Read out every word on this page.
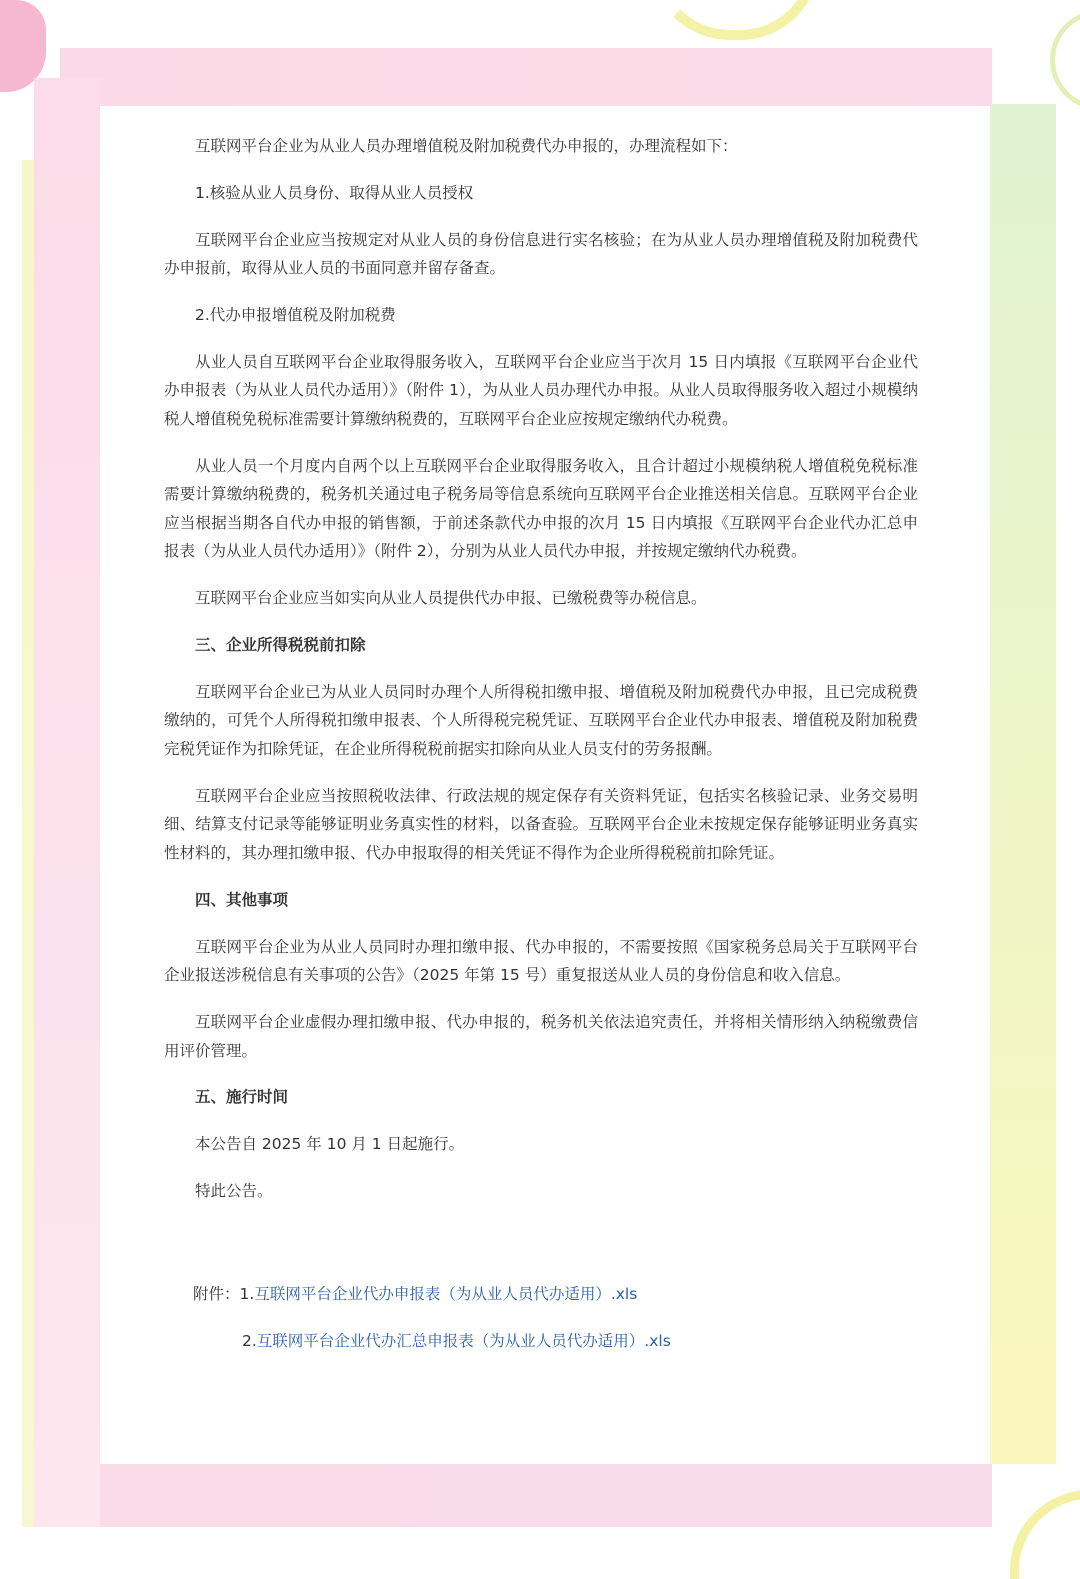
互联网平台企业为从业人员办理增值税及附加税费代办申报的，办理流程如下：

1.核验从业人员身份、取得从业人员授权

互联网平台企业应当按规定对从业人员的身份信息进行实名核验；在为从业人员办理增值税及附加税费代办申报前，取得从业人员的书面同意并留存备查。

2.代办申报增值税及附加税费

从业人员自互联网平台企业取得服务收入，互联网平台企业应当于次月 15 日内填报《互联网平台企业代办申报表（为从业人员代办适用）》（附件 1），为从业人员办理代办申报。从业人员取得服务收入超过小规模纳税人增值税免税标准需要计算缴纳税费的，互联网平台企业应按规定缴纳代办税费。

从业人员一个月度内自两个以上互联网平台企业取得服务收入，且合计超过小规模纳税人增值税免税标准需要计算缴纳税费的，税务机关通过电子税务局等信息系统向互联网平台企业推送相关信息。互联网平台企业应当根据当期各自代办申报的销售额，于前述条款代办申报的次月 15 日内填报《互联网平台企业代办汇总申报表（为从业人员代办适用）》（附件 2），分别为从业人员代办申报，并按规定缴纳代办税费。

互联网平台企业应当如实向从业人员提供代办申报、已缴税费等办税信息。

三、企业所得税税前扣除

互联网平台企业已为从业人员同时办理个人所得税扣缴申报、增值税及附加税费代办申报，且已完成税费缴纳的，可凭个人所得税扣缴申报表、个人所得税完税凭证、互联网平台企业代办申报表、增值税及附加税费完税凭证作为扣除凭证，在企业所得税税前据实扣除向从业人员支付的劳务报酬。

互联网平台企业应当按照税收法律、行政法规的规定保存有关资料凭证，包括实名核验记录、业务交易明细、结算支付记录等能够证明业务真实性的材料，以备查验。互联网平台企业未按规定保存能够证明业务真实性材料的，其办理扣缴申报、代办申报取得的相关凭证不得作为企业所得税税前扣除凭证。

四、其他事项

互联网平台企业为从业人员同时办理扣缴申报、代办申报的，不需要按照《国家税务总局关于互联网平台企业报送涉税信息有关事项的公告》（2025 年第 15 号）重复报送从业人员的身份信息和收入信息。

互联网平台企业虚假办理扣缴申报、代办申报的，税务机关依法追究责任，并将相关情形纳入纳税缴费信用评价管理。

五、施行时间

本公告自 2025 年 10 月 1 日起施行。

特此公告。

附件：1.互联网平台企业代办申报表（为从业人员代办适用）.xls
2.互联网平台企业代办汇总申报表（为从业人员代办适用）.xls
